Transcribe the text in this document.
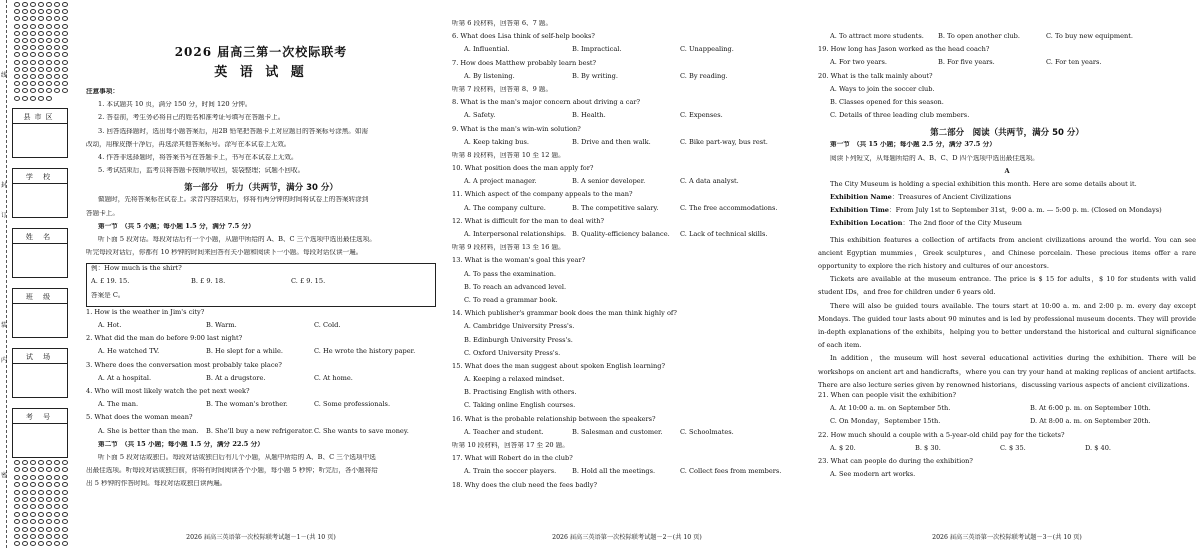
线
封
订
装
内
密
县市区
学 校
姓 名
班 级
试 场
考 号
2026 届高三第一次校际联考
英 语 试 题
注意事项：
1. 本试题共 10 页，满分 150 分，时间 120 分钟。
2. 答卷前，考生务必将自己的姓名和准考证号填写在答题卡上。
3. 回答选择题时，选出每小题答案后，用2B 铅笔把答题卡上对应题目的答案标号涂黑。如需
改动，用橡皮擦干净后，再选涂其他答案标号。涂写在本试卷上无效。
4. 作答非选择题时，将答案书写在答题卡上，书写在本试卷上无效。
5. 考试结束后，监考员将答题卡按顺序收回，装袋整理；试题不回收。
第一部分　听力（共两节，满分 30 分）
做题时，先将答案标在试卷上。录音内容结束后，你将有两分钟的时间将试卷上的答案转涂到
答题卡上。
第一节　（共 5 小题；每小题 1.5 分，满分 7.5 分）
听下面 5 段对话。每段对话后有一个小题，从题中所给的 A、B、C 三个选项中选出最佳选项。
听完每段对话后，你都有 10 秒钟的时间来回答有关小题和阅读下一小题。每段对话仅读一遍。
例：How much is the shirt?
A. £ 19. 15.	B. £ 9. 18.	C. £ 9. 15.
答案是 C。
1. How is the weather in Jim's city?
A. Hot.	B. Warm.	C. Cold.
2. What did the man do before 9:00 last night?
A. He watched TV.	B. He slept for a while.	C. He wrote the history paper.
3. Where does the conversation most probably take place?
A. At a hospital.	B. At a drugstore.	C. At home.
4. Who will most likely watch the pet next week?
A. The man.	B. The woman's brother.	C. Some professionals.
5. What does the woman mean?
A. She is better than the man.	B. She'll buy a new refrigerator. C. She wants to save money.
第二节　（共 15 小题；每小题 1.5 分，满分 22.5 分）
听下面 5 段对话或独白。每段对话或独白后有几个小题，从题中所给的 A、B、C 三个选项中选
出最佳选项。听每段对话或独白前，你将有时间阅读各个小题，每小题 5 秒钟；听完后，各小题将给
出 5 秒钟的作答时间。每段对话或独白读两遍。
2026 届高三英语第一次校际联考试题－1－(共 10 页)
听第 6 段材料，回答第 6、7 题。
6. What does Lisa think of self-help books?
A. Influential.	B. Impractical.	C. Unappealing.
7. How does Matthew probably learn best?
A. By listening.	B. By writing.	C. By reading.
听第 7 段材料，回答第 8、9 题。
8. What is the man's major concern about driving a car?
A. Safety.	B. Health.	C. Expenses.
9. What is the man's win-win solution?
A. Keep taking bus.	B. Drive and then walk.	C. Bike part-way, bus rest.
听第 8 段材料，回答第 10 至 12 题。
10. What position does the man apply for?
A. A project manager.	B. A senior developer.	C. A data analyst.
11. Which aspect of the company appeals to the man?
A. The company culture.	B. The competitive salary.	C. The free accommodations.
12. What is difficult for the man to deal with?
A. Interpersonal relationships. B. Quality-efficiency balance.	C. Lack of technical skills.
听第 9 段材料，回答第 13 至 16 题。
13. What is the woman's goal this year?
A. To pass the examination.
B. To reach an advanced level.
C. To read a grammar book.
14. Which publisher's grammar book does the man think highly of?
A. Cambridge University Press's.
B. Edinburgh University Press's.
C. Oxford University Press's.
15. What does the man suggest about spoken English learning?
A. Keeping a relaxed mindset.
B. Practising English with others.
C. Taking online English courses.
16. What is the probable relationship between the speakers?
A. Teacher and student.	B. Salesman and customer.	C. Schoolmates.
听第 10 段材料，回答第 17 至 20 题。
17. What will Robert do in the club?
A. Train the soccer players.	B. Hold all the meetings.	C. Collect fees from members.
18. Why does the club need the fees badly?
2026 届高三英语第一次校际联考试题－2－(共 10 页)
A. To attract more students.	B. To open another club.	C. To buy new equipment.
19. How long has Jason worked as the head coach?
A. For two years.	B. For five years.	C. For ten years.
20. What is the talk mainly about?
A. Ways to join the soccer club.
B. Classes opened for this season.
C. Details of three leading club members.
第二部分　阅读（共两节，满分 50 分）
第一节　（共 15 小题；每小题 2.5 分，满分 37.5 分）
阅读下列短文，从每题所给的 A、B、C、D 四个选项中选出最佳选项。
A
The City Museum is holding a special exhibition this month. Here are some details about it.
Exhibition Name：Treasures of Ancient Civilizations
Exhibition Time：From July 1st to September 31st，9:00 a. m. — 5:00 p. m. (Closed on Mondays)
Exhibition Location：The 2nd floor of the City Museum

This exhibition features a collection of artifacts from ancient civilizations around the world. You can see ancient Egyptian mummies，Greek sculptures，and Chinese porcelain. These precious items offer a rare opportunity to explore the rich history and cultures of our ancestors.

Tickets are available at the museum entrance. The price is $ 15 for adults，$ 10 for students with valid student IDs，and free for children under 6 years old.

There will also be guided tours available. The tours start at 10:00 a. m. and 2:00 p. m. every day except Mondays. The guided tour lasts about 90 minutes and is led by professional museum docents. They will provide in-depth explanations of the exhibits，helping you to better understand the historical and cultural significance of each item.

In addition，the museum will host several educational activities during the exhibition. There will be workshops on ancient art and handicrafts，where you can try your hand at making replicas of ancient artifacts. There are also lecture series given by renowned historians，discussing various aspects of ancient civilizations.

21. When can people visit the exhibition?
A. At 10:00 a. m. on September 5th.	B. At 6:00 p. m. on September 10th.
C. On Monday，September 15th.	D. At 8:00 a. m. on September 20th.
22. How much should a couple with a 5-year-old child pay for the tickets?
A. $ 20.	B. $ 30.	C. $ 35.	D. $ 40.
23. What can people do during the exhibition?
A. See modern art works.
2026 届高三英语第一次校际联考试题－3－(共 10 页)
